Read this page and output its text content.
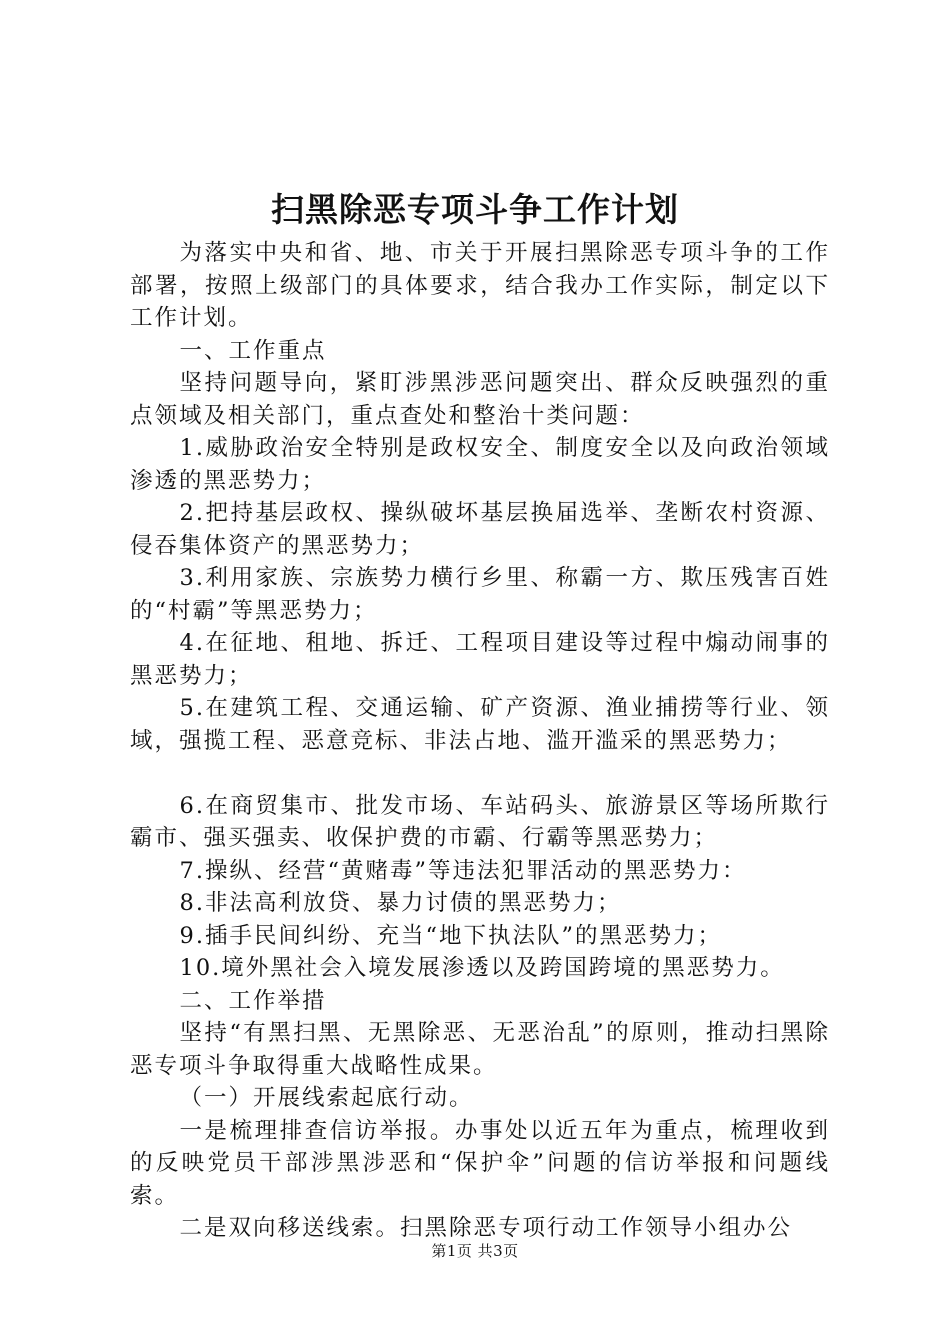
扫黑除恶专项斗争工作计划

为落实中央和省、地、市关于开展扫黑除恶专项斗争的工作部署，按照上级部门的具体要求，结合我办工作实际，制定以下工作计划。

一、工作重点

坚持问题导向，紧盯涉黑涉恶问题突出、群众反映强烈的重点领域及相关部门，重点查处和整治十类问题：

1.威胁政治安全特别是政权安全、制度安全以及向政治领域渗透的黑恶势力；

2.把持基层政权、操纵破坏基层换届选举、垄断农村资源、侵吞集体资产的黑恶势力；

3.利用家族、宗族势力横行乡里、称霸一方、欺压残害百姓的“村霸”等黑恶势力；

4.在征地、租地、拆迁、工程项目建设等过程中煽动闹事的黑恶势力；

5.在建筑工程、交通运输、矿产资源、渔业捕捞等行业、领域，强揽工程、恶意竞标、非法占地、滥开滥采的黑恶势力；

6.在商贸集市、批发市场、车站码头、旅游景区等场所欺行霸市、强买强卖、收保护费的市霸、行霸等黑恶势力；

7.操纵、经营“黄赌毒”等违法犯罪活动的黑恶势力：

8.非法高利放贷、暴力讨债的黑恶势力；

9.插手民间纠纷、充当“地下执法队”的黑恶势力；

10.境外黑社会入境发展渗透以及跨国跨境的黑恶势力。

二、工作举措

坚持“有黑扫黑、无黑除恶、无恶治乱”的原则，推动扫黑除恶专项斗争取得重大战略性成果。

（一）开展线索起底行动。

一是梳理排查信访举报。办事处以近五年为重点，梳理收到的反映党员干部涉黑涉恶和“保护伞”问题的信访举报和问题线索。

二是双向移送线索。扫黑除恶专项行动工作领导小组办公

第1页 共3页
